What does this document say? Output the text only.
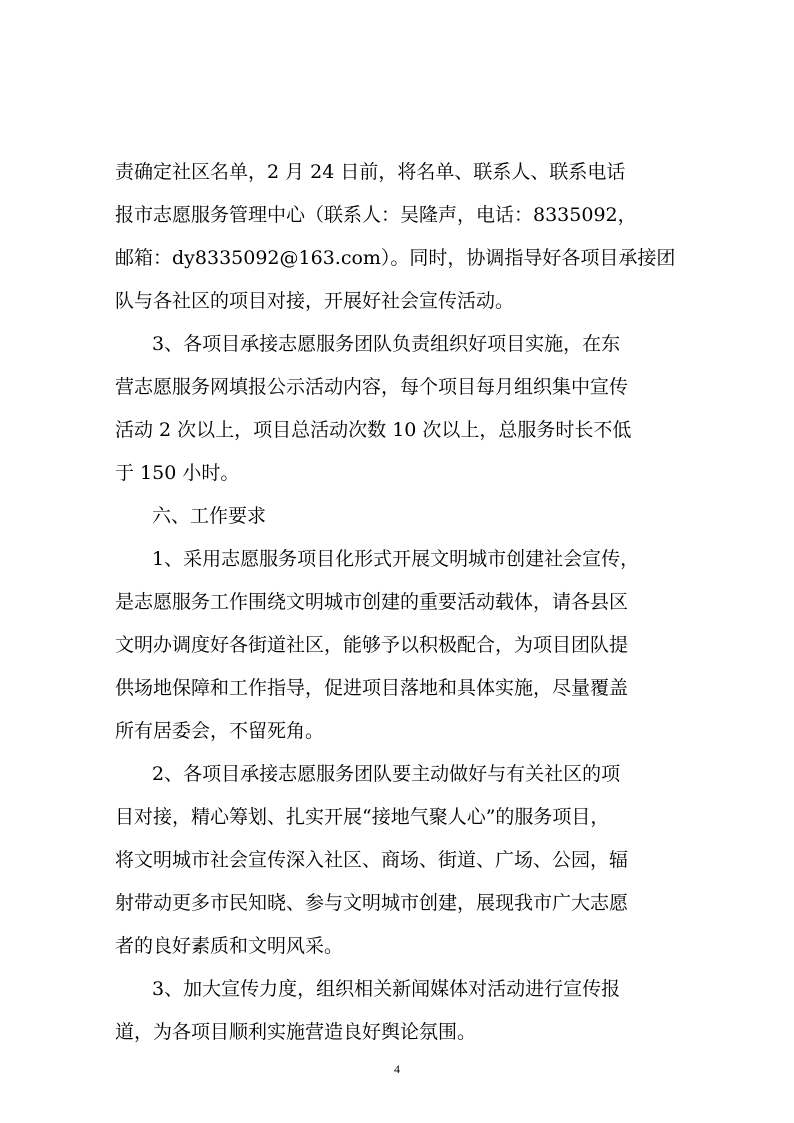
责确定社区名单，2 月 24 日前，将名单、联系人、联系电话
报市志愿服务管理中心（联系人：吴隆声，电话：8335092，
邮箱：dy8335092@163.com）。同时，协调指导好各项目承接团
队与各社区的项目对接，开展好社会宣传活动。
3、各项目承接志愿服务团队负责组织好项目实施，在东
营志愿服务网填报公示活动内容，每个项目每月组织集中宣传
活动 2 次以上，项目总活动次数 10 次以上，总服务时长不低
于 150 小时。
六、工作要求
1、采用志愿服务项目化形式开展文明城市创建社会宣传，
是志愿服务工作围绕文明城市创建的重要活动载体，请各县区
文明办调度好各街道社区，能够予以积极配合，为项目团队提
供场地保障和工作指导，促进项目落地和具体实施，尽量覆盖
所有居委会，不留死角。
2、各项目承接志愿服务团队要主动做好与有关社区的项
目对接，精心筹划、扎实开展“接地气聚人心”的服务项目，
将文明城市社会宣传深入社区、商场、街道、广场、公园，辐
射带动更多市民知晓、参与文明城市创建，展现我市广大志愿
者的良好素质和文明风采。
3、加大宣传力度，组织相关新闻媒体对活动进行宣传报
道，为各项目顺利实施营造良好舆论氛围。
4
